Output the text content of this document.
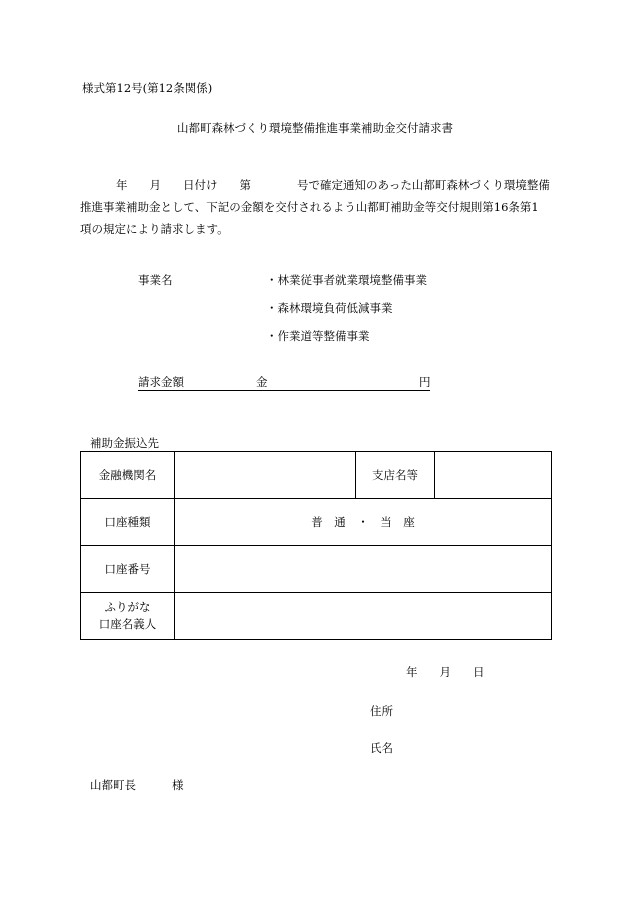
様式第12号(第12条関係)
山都町森林づくり環境整備推進事業補助金交付請求書
年 月 日付け 第	号で確定通知のあった山都町森林づくり環境整備推進事業補助金として、下記の金額を交付されるよう山都町補助金等交付規則第16条第1項の規定により請求します。
事業名	・林業従事者就業環境整備事業
・森林環境負荷低減事業
・作業道等整備事業
請求金額	金	円
補助金振込先
金融機関名		支店名等	
口座種類	普　通　・　当　座		
口座番号			

ふりがな
口座名義人			

年 月 日
住所
氏名
山都町長	様
